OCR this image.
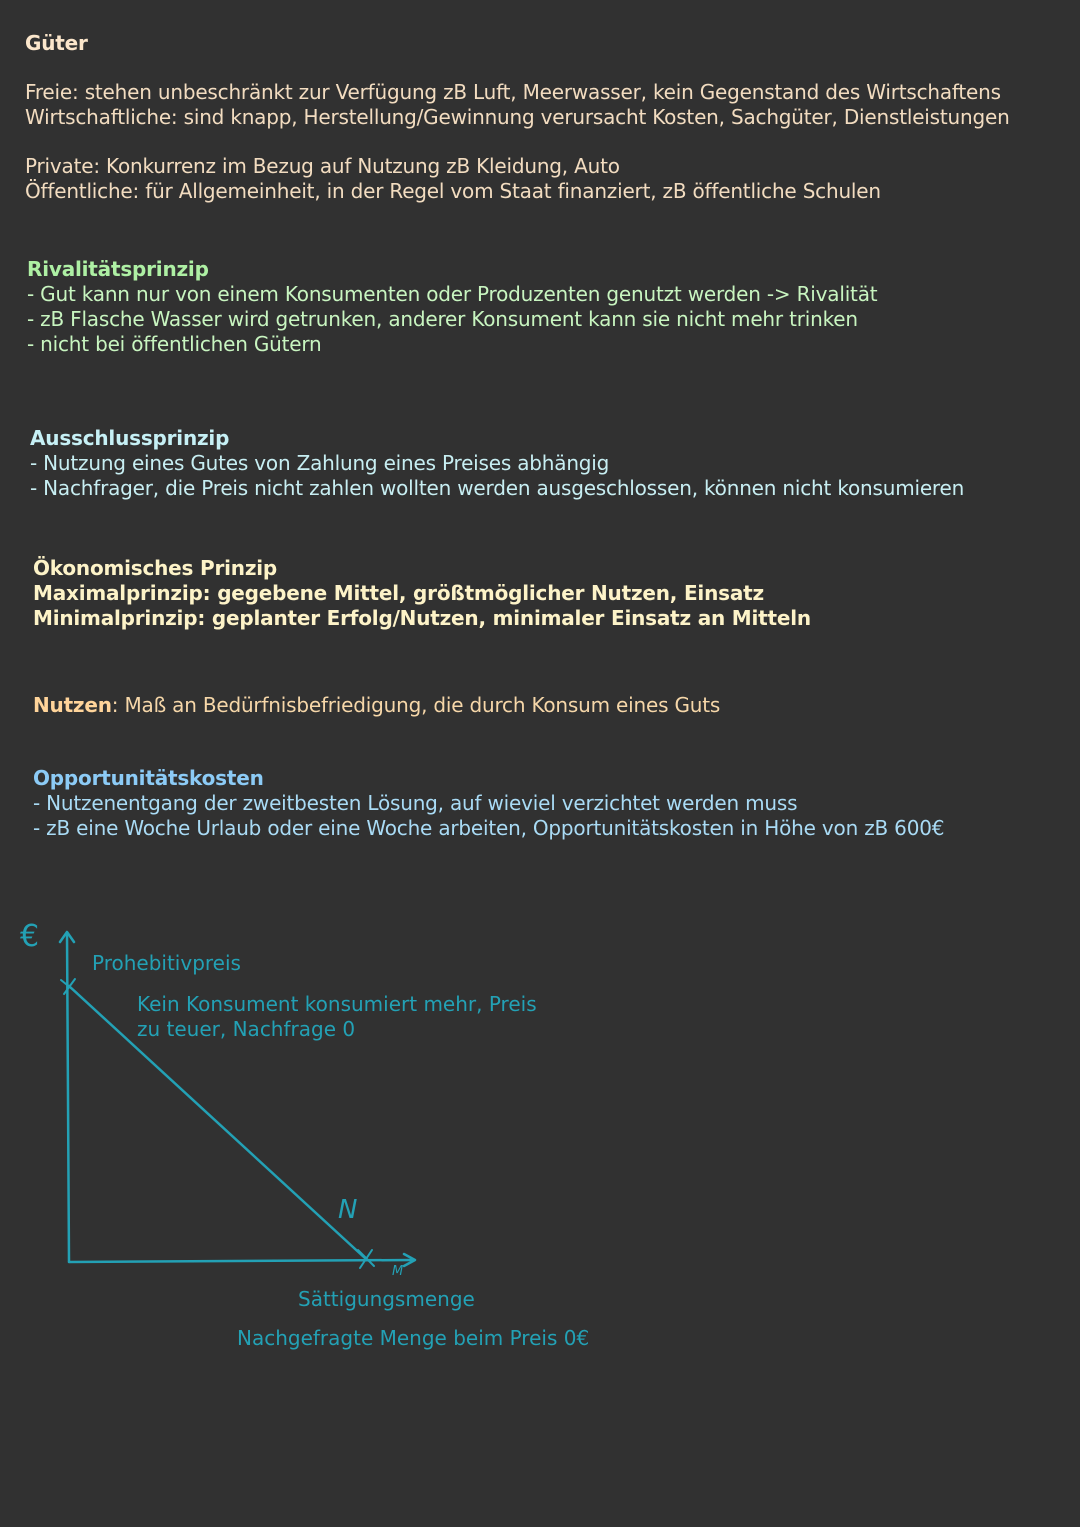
Güter
Freie: stehen unbeschränkt zur Verfügung zB Luft, Meerwasser, kein Gegenstand des Wirtschaftens
Wirtschaftliche: sind knapp, Herstellung/Gewinnung verursacht Kosten, Sachgüter, Dienstleistungen
Private: Konkurrenz im Bezug auf Nutzung zB Kleidung, Auto
Öffentliche: für Allgemeinheit, in der Regel vom Staat finanziert, zB öffentliche Schulen
Rivalitätsprinzip
- Gut kann nur von einem Konsumenten oder Produzenten genutzt werden -> Rivalität
- zB Flasche Wasser wird getrunken, anderer Konsument kann sie nicht mehr trinken
- nicht bei öffentlichen Gütern
Ausschlussprinzip
- Nutzung eines Gutes von Zahlung eines Preises abhängig
- Nachfrager, die Preis nicht zahlen wollten werden ausgeschlossen, können nicht konsumieren
Ökonomisches Prinzip
Maximalprinzip: gegebene Mittel, größtmöglicher Nutzen, Einsatz
Minimalprinzip: geplanter Erfolg/Nutzen, minimaler Einsatz an Mitteln
Nutzen: Maß an Bedürfnisbefriedigung, die durch Konsum eines Guts
Opportunitätskosten
- Nutzenentgang der zweitbesten Lösung, auf wieviel verzichtet werden muss
- zB eine Woche Urlaub oder eine Woche arbeiten, Opportunitätskosten in Höhe von zB 600€
€
M
N
Prohebitivpreis
Kein Konsument konsumiert mehr, Preis
zu teuer, Nachfrage 0
Sättigungsmenge
Nachgefragte Menge beim Preis 0€
